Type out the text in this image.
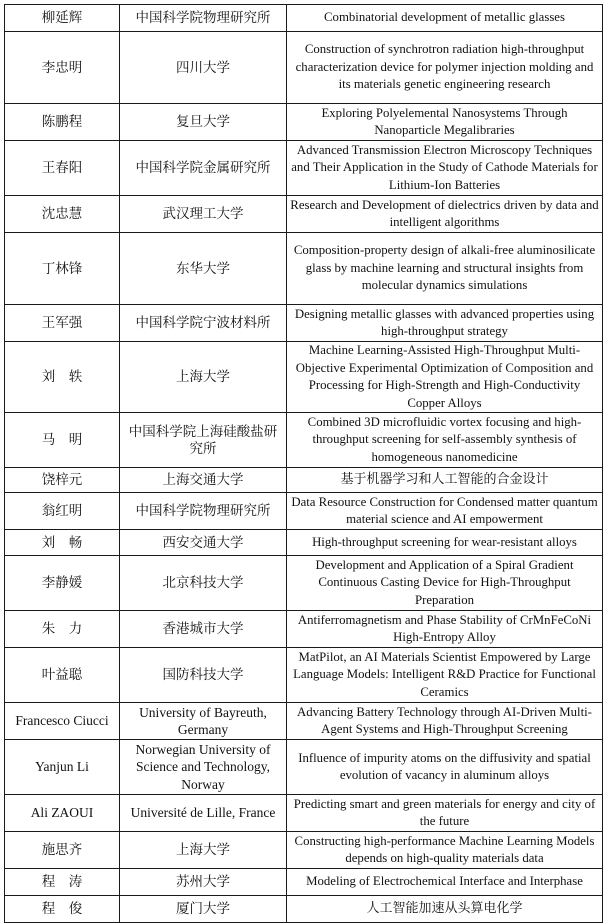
柳延辉	中国科学院物理研究所	Combinatorial development of metallic glasses
李忠明	四川大学	Construction of synchrotron radiation high-throughput characterization device for polymer injection molding and its materials genetic engineering research
陈鹏程	复旦大学	Exploring Polyelemental Nanosystems Through Nanoparticle Megalibraries
王春阳	中国科学院金属研究所	Advanced Transmission Electron Microscopy Techniques and Their Application in the Study of Cathode Materials for Lithium-Ion Batteries
沈忠慧	武汉理工大学	Research and Development of dielectrics driven by data and intelligent algorithms
丁林锋	东华大学	Composition-property design of alkali-free aluminosilicate glass by machine learning and structural insights from molecular dynamics simulations
王军强	中国科学院宁波材料所	Designing metallic glasses with advanced properties using high-throughput strategy
刘　轶	上海大学	Machine Learning-Assisted High-Throughput Multi-Objective Experimental Optimization of Composition and Processing for High-Strength and High-Conductivity Copper Alloys
马　明	中国科学院上海硅酸盐研究所	Combined 3D microfluidic vortex focusing and high-throughput screening for self-assembly synthesis of homogeneous nanomedicine
饶梓元	上海交通大学	基于机器学习和人工智能的合金设计
翁红明	中国科学院物理研究所	Data Resource Construction for Condensed matter quantum material science and AI empowerment
刘　畅	西安交通大学	High-throughput screening for wear-resistant alloys
李静媛	北京科技大学	Development and Application of a Spiral Gradient Continuous Casting Device for High-Throughput Preparation
朱　力	香港城市大学	Antiferromagnetism and Phase Stability of CrMnFeCoNi High-Entropy Alloy
叶益聪	国防科技大学	MatPilot, an AI Materials Scientist Empowered by Large Language Models: Intelligent R&D Practice for Functional Ceramics
Francesco Ciucci	University of Bayreuth, Germany	Advancing Battery Technology through AI-Driven Multi-Agent Systems and High-Throughput Screening
Yanjun Li	Norwegian University of Science and Technology, Norway	Influence of impurity atoms on the diffusivity and spatial evolution of vacancy in aluminum alloys
Ali ZAOUI	Université de Lille, France	Predicting smart and green materials for energy and city of the future
施思齐	上海大学	Constructing high-performance Machine Learning Models depends on high-quality materials data
程　涛	苏州大学	Modeling of Electrochemical Interface and Interphase
程　俊	厦门大学	人工智能加速从头算电化学
